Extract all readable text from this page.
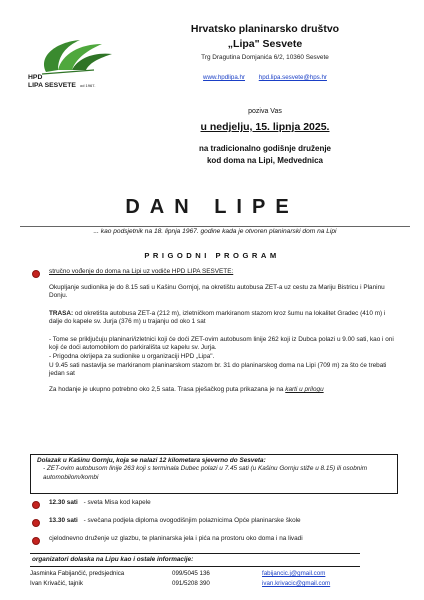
HPD
LIPA SESVETE od 1967.
Hrvatsko planinarsko društvo
„Lipa" Sesvete
Trg Dragutina Domjanića 6/2, 10360 Sesvete
www.hpdlipa.hr hpd.lipa.sesvete@hps.hr
poziva Vas
u nedjelju, 15. lipnja 2025.
na tradicionalno godišnje druženje
kod doma na Lipi, Medvednica
DAN LIPE
... kao podsjetnik na 18. lipnja 1967. godine kada je otvoren planinarski dom na Lipi
PRIGODNI PROGRAM
stručno vođenje do doma na Lipi uz vodiče HPD LIPA SESVETE:
Okupljanje sudionika je do 8.15 sati u Kašinu Gornjoj, na okretištu autobusa ZET-a uz cestu za Mariju Bistricu i Planinu Donju.
TRASA: od okretišta autobusa ZET-a (212 m), izletničkom markiranom stazom kroz šumu na lokalitet Gradec (410 m) i dalje do kapele sv. Jurja (376 m) u trajanju od oko 1 sat
- Tome se priključuju planinari/izletnici koji će doći ZET-ovim autobusom linije 262 koji iz Dubca polazi u 9.00 sati, kao i oni koji će doći automobilom do parkirališta uz kapelu sv. Jurja.
- Prigodna okrijepa za sudionike u organizaciji HPD „Lipa".
U 9.45 sati nastavlja se markiranom planinarskom stazom br. 31 do planinarskog doma na Lipi (709 m) za što će trebati jedan sat
Za hodanje je ukupno potrebno oko 2,5 sata. Trasa pješačkog puta prikazana je na karti u prilogu
Dolazak u Kašinu Gornju, koja se nalazi 12 kilometara sjeverno do Sesveta:
- ZET-ovim autobusom linije 263 koji s terminala Dubec polazi u 7.45 sati (u Kašinu Gornju stiže u 8.15) ili osobnim automobilom/kombi
12.30 sati - sveta Misa kod kapele
13.30 sati - svečana podjela diploma ovogodišnjim polaznicima Opće planinarske škole
cjelodnevno druženje uz glazbu, te planinarska jela i pića na prostoru oko doma i na livadi
organizatori dolaska na Lipu kao i ostale informacije:
Jasminka Fabijančić, predsjednica	099/5045 136	fabijancic.j@gmail.com
Ivan Krivačić, tajnik	091/5208 390	ivan.krivacic@gmail.com
